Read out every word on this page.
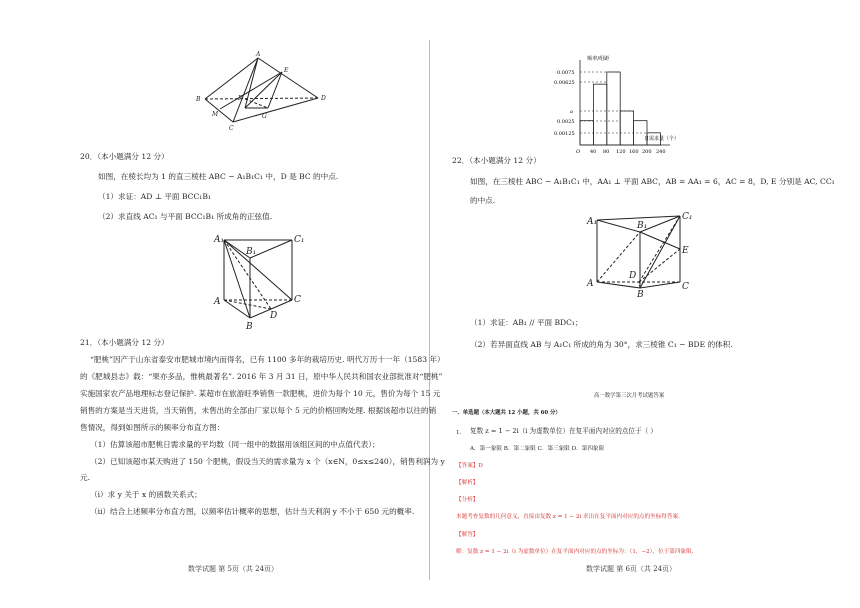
A
E
B	F	D
M	G
C
20．（本小题满分 12 分）
如图，在棱长均为 1 的直三棱柱 ABC − A₁B₁C₁ 中，D 是 BC 的中点.
（1）求证：AD ⊥ 平面 BCC₁B₁
（2）求直线 AC₁ 与平面 BCC₁B₁ 所成角的正弦值.
A₁	C₁
B₁
A	C
D
B
21．（本小题满分 12 分）
“肥桃”因产于山东省泰安市肥城市境内而得名，已有 1100 多年的栽培历史. 明代万历十一年（1583 年）
的《肥城县志》载：“果亦多品，惟桃最著名”. 2016 年 3 月 31 日，原中华人民共和国农业部批准对“肥桃”
实施国家农产品地理标志登记保护. 某超市在旅游旺季销售一款肥桃，进价为每个 10 元，售价为每个 15 元
销售的方案是当天进货，当天销售，未售出的全部由厂家以每个 5 元的价格回购处理. 根据该超市以往的销
售情况，得到如图所示的频率分布直方图：
（1）估算该超市肥桃日需求量的平均数（同一组中的数据用该组区间的中点值代表）；
（2）已知该超市某天购进了 150 个肥桃，假设当天的需求量为 x 个（x∈N，0≤x≤240），销售利润为 y
元.
（ⅰ）求 y 关于 x 的函数关系式；
（ⅱ）结合上述频率分布直方图，以频率估计概率的思想，估计当天利润 y 不小于 650 元的概率.
数学试题 第 5页（共 24页）
频率/组距
0.0075
0.00625
a
0.0025
0.00125
O 40 80 120 160 200 240
日需求量（个）
22．（本小题满分 12 分）
如图，在三棱柱 ABC − A₁B₁C₁ 中，AA₁ ⊥ 平面 ABC，AB = AA₁ = 6，AC = 8，D, E 分别是 AC, CC₁
的中点.
A₁	C₁
B₁
E
D
A	C
B
（1）求证：AB₁ // 平面 BDC₁；
（2）若异面直线 AB 与 A₁C₁ 所成的角为 30°，求三棱锥 C₁ − BDE 的体积.
高一数学第三次月考试题答案
一、单选题（本大题共 12 小题，共 60 分）
1. 复数 z = 1 − 2i（i 为虚数单位）在复平面内对应的点位于（ ）
A．第一象限 B．第二象限 C．第三象限 D．第四象限
【答案】D
【解析】
【分析】
本题考查复数的几何意义，直接由复数 z = 1 − 2i 求出在复平面内对应的点的坐标得答案.
【解答】
解：复数 z = 1 − 2i（i 为虚数单位）在复平面内对应的点的坐标为：（1，−2），位于第四象限.
数学试题 第 6页（共 24页）
